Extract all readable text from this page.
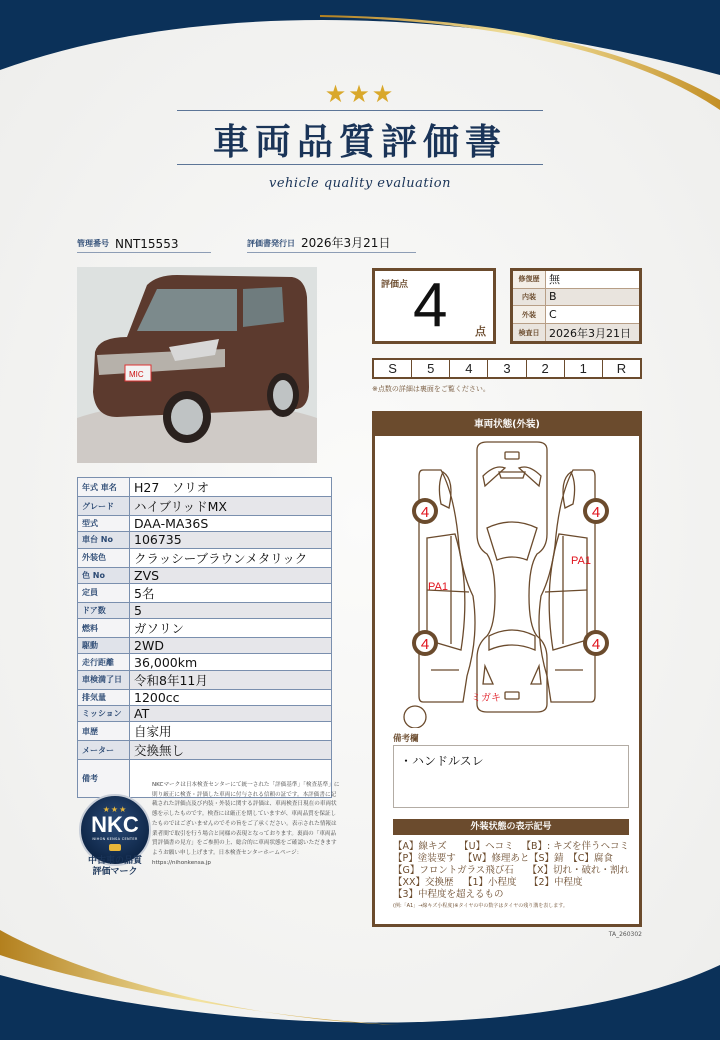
★★★
車両品質評価書
vehicle quality evaluation
管理番号 NNT15553	評価書発行日 2026年3月21日
MIC
年式 車名	H27　ソリオ
グレード	ハイブリッドMX
型式	DAA-MA36S
車台 No	106735
外装色	クラッシーブラウンメタリック
色 No	ZVS
定員	5名
ドア数	5
燃料	ガソリン
駆動	2WD
走行距離	36,000km
車検満了日	令和8年11月
排気量	1200cc
ミッション	AT
車歴	自家用
メーター	交換無し
備考	
★★★
NKC
NIHON KENSA CENTER
中古車の品質
評価マーク
NKCマークは日本検査センターにて統一された「評価基準」「検査基準」に則り厳正に検査・評価した車両に付与される信頼の証です。本評価書に記載された評価点及び内装・外装に関する評価は、車両検査日現在の車両状態を示したものです。検査には厳正を期していますが、車両品質を保証したものではございませんのでその旨をご了承ください。表示された情報は業者間で取引を行う場合と同様の表現となっております。裏面の「車両品質評価書の見方」をご参照の上、総合的に車両状態をご確認いただきますようお願い申し上げます。日本検査センターホームページ：https://nihonkensa.jp
評価点 4	点
修復歴	無
内装	B
外装	C
検査日	2026年3月21日
S	5	4	3	2	1	R
※点数の詳細は裏面をご覧ください。
車両状態(外装)
4	4
4	4
PA1
PA1
ミガキ
備考欄
・ハンドルスレ
外装状態の表示記号
【A】線キズ	【U】ヘコミ 【B】: キズを伴うヘコミ
【P】塗装要す 【W】修理あと 【S】錆　【C】腐食
【G】フロントガラス飛び石	【X】切れ・破れ・割れ
【XX】交換歴 【1】小程度	【2】中程度
【3】中程度を超えるもの
(例:「A1」→線キズ小程度)※タイヤの中の数字はタイヤの残り溝を表します。
TA_260302
